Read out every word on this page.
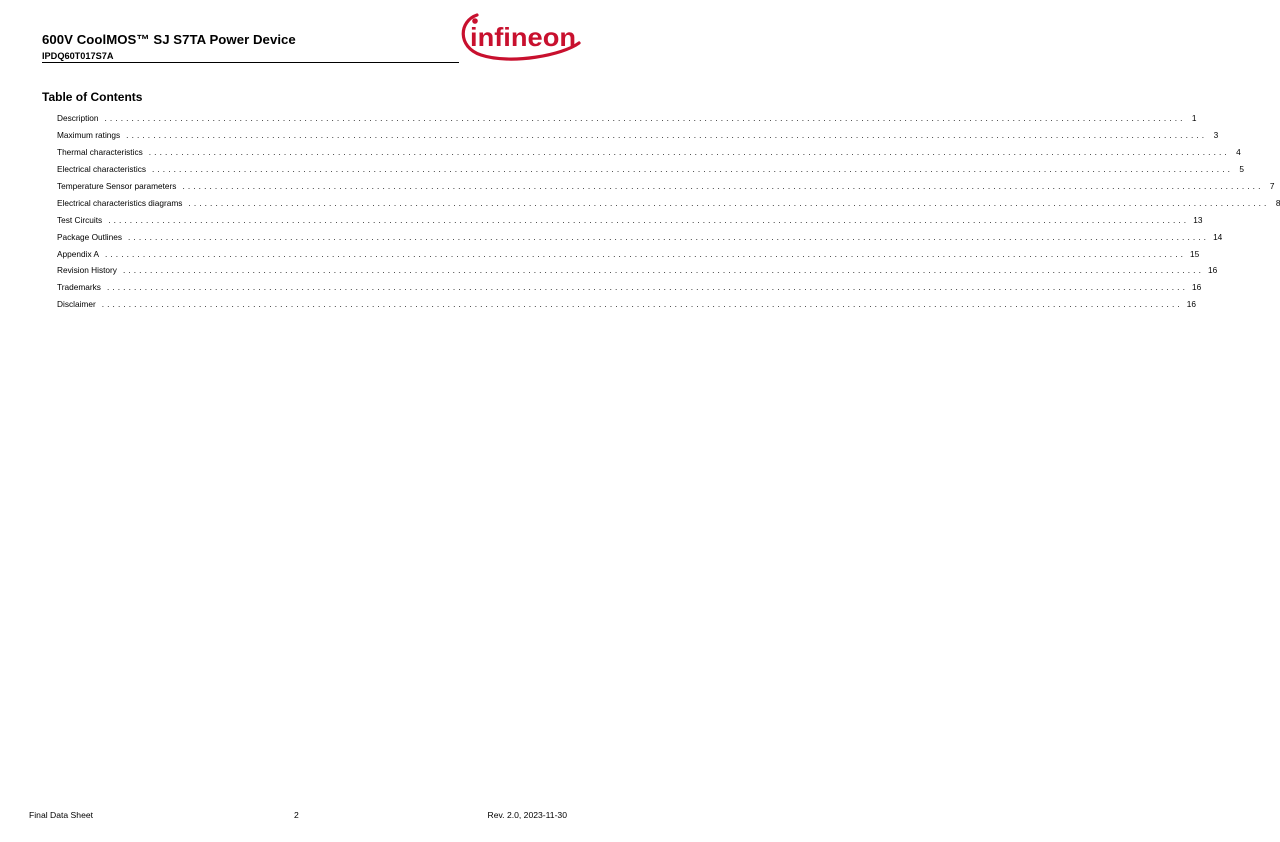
600V CoolMOS™ SJ S7TA Power Device
IPDQ60T017S7A
infineon
Table of Contents
Description ........................................................................................................................................................................................................ 1
Maximum ratings ........................................................................................................................................................................................................ 3
Thermal characteristics ........................................................................................................................................................................................................ 4
Electrical characteristics ........................................................................................................................................................................................................ 5
Temperature Sensor parameters ........................................................................................................................................................................................................ 7
Electrical characteristics diagrams ........................................................................................................................................................................................................ 8
Test Circuits ........................................................................................................................................................................................................ 13
Package Outlines ........................................................................................................................................................................................................ 14
Appendix A ........................................................................................................................................................................................................ 15
Revision History ........................................................................................................................................................................................................ 16
Trademarks ........................................................................................................................................................................................................ 16
Disclaimer ........................................................................................................................................................................................................ 16
Final Data Sheet	2	Rev. 2.0, 2023-11-30
